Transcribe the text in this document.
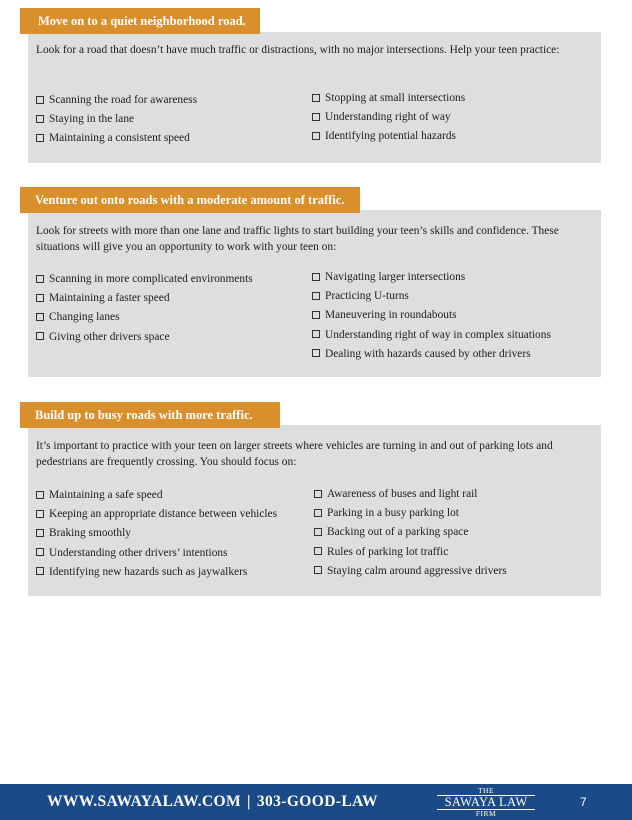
Move on to a quiet neighborhood road.

Look for a road that doesn’t have much traffic or distractions, with no major intersections. Help your teen practice:

Scanning the road for awareness
Staying in the lane
Maintaining a consistent speed
Stopping at small intersections
Understanding right of way
Identifying potential hazards
Venture out onto roads with a moderate amount of traffic.

Look for streets with more than one lane and traffic lights to start building your teen’s skills and confidence. These situations will give you an opportunity to work with your teen on:

Scanning in more complicated environments
Maintaining a faster speed
Changing lanes
Giving other drivers space
Navigating larger intersections
Practicing U-turns
Maneuvering in roundabouts
Understanding right of way in complex situations
Dealing with hazards caused by other drivers
Build up to busy roads with more traffic.

It’s important to practice with your teen on larger streets where vehicles are turning in and out of parking lots and pedestrians are frequently crossing. You should focus on:

Maintaining a safe speed
Keeping an appropriate distance between vehicles
Braking smoothly
Understanding other drivers’ intentions
Identifying new hazards such as jaywalkers
Awareness of buses and light rail
Parking in a busy parking lot
Backing out of a parking space
Rules of parking lot traffic
Staying calm around aggressive drivers
WWW.SAWAYALAW.COM | 303-GOOD-LAW
THE
SAWAYA LAW
FIRM
7
